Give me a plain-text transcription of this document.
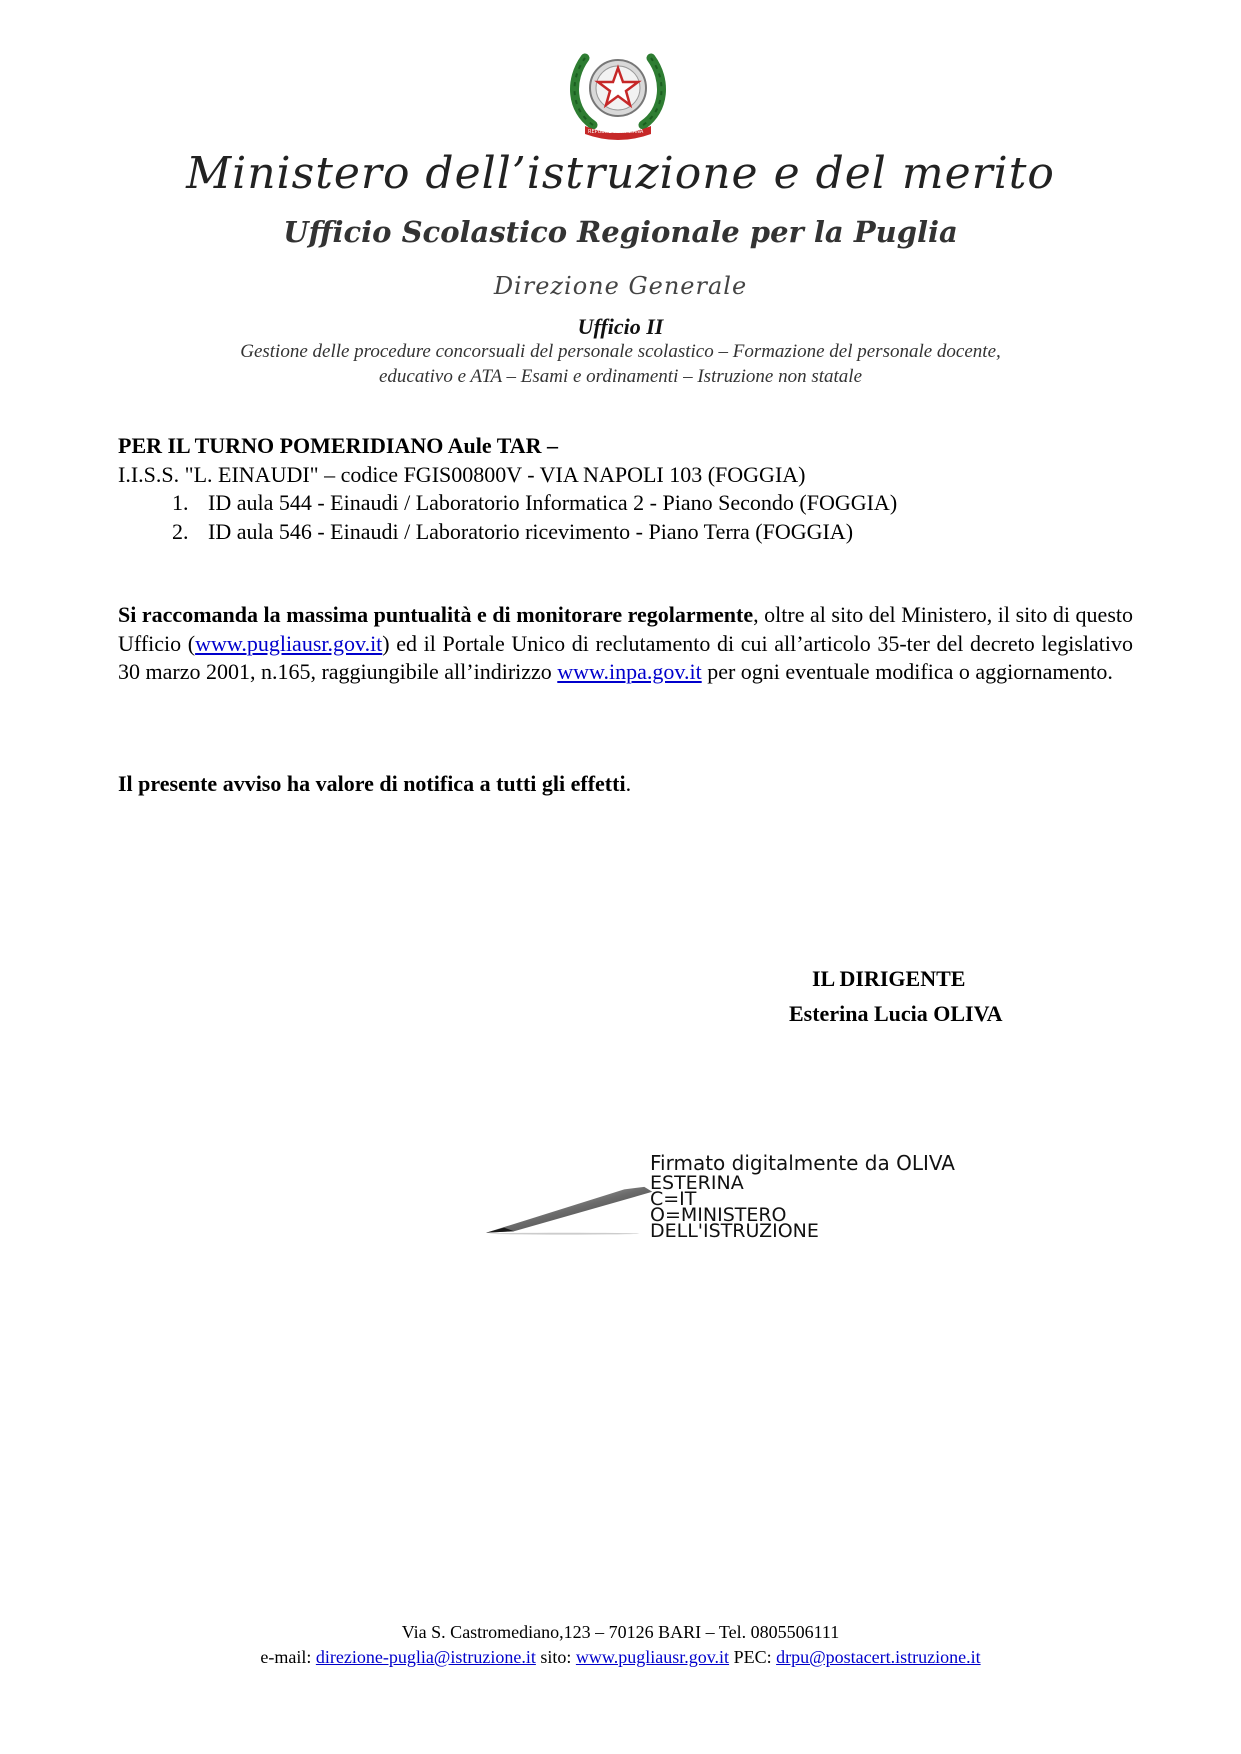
REPUBBLICA ITALIANA
Ministero dell’istruzione e del merito
Ufficio Scolastico Regionale per la Puglia
Direzione Generale
Ufficio II
Gestione delle procedure concorsuali del personale scolastico – Formazione del personale docente,
educativo e ATA – Esami e ordinamenti – Istruzione non statale
PER IL TURNO POMERIDIANO Aule TAR –
I.I.S.S. "L. EINAUDI" – codice FGIS00800V - VIA NAPOLI 103 (FOGGIA)
1. ID aula 544 - Einaudi / Laboratorio Informatica 2 - Piano Secondo (FOGGIA)
2. ID aula 546 - Einaudi / Laboratorio ricevimento - Piano Terra (FOGGIA)
Si raccomanda la massima puntualità e di monitorare regolarmente, oltre al sito del Ministero, il sito di questo Ufficio (www.pugliausr.gov.it) ed il Portale Unico di reclutamento di cui all’articolo 35-ter del decreto legislativo 30 marzo 2001, n.165, raggiungibile all’indirizzo www.inpa.gov.it per ogni eventuale modifica o aggiornamento.
Il presente avviso ha valore di notifica a tutti gli effetti.
IL DIRIGENTE
Esterina Lucia OLIVA
Firmato digitalmente da OLIVA
ESTERINA
C=IT
O=MINISTERO
DELL'ISTRUZIONE
Via S. Castromediano,123 – 70126 BARI – Tel. 0805506111
e-mail: direzione-puglia@istruzione.it sito: www.pugliausr.gov.it PEC: drpu@postacert.istruzione.it
